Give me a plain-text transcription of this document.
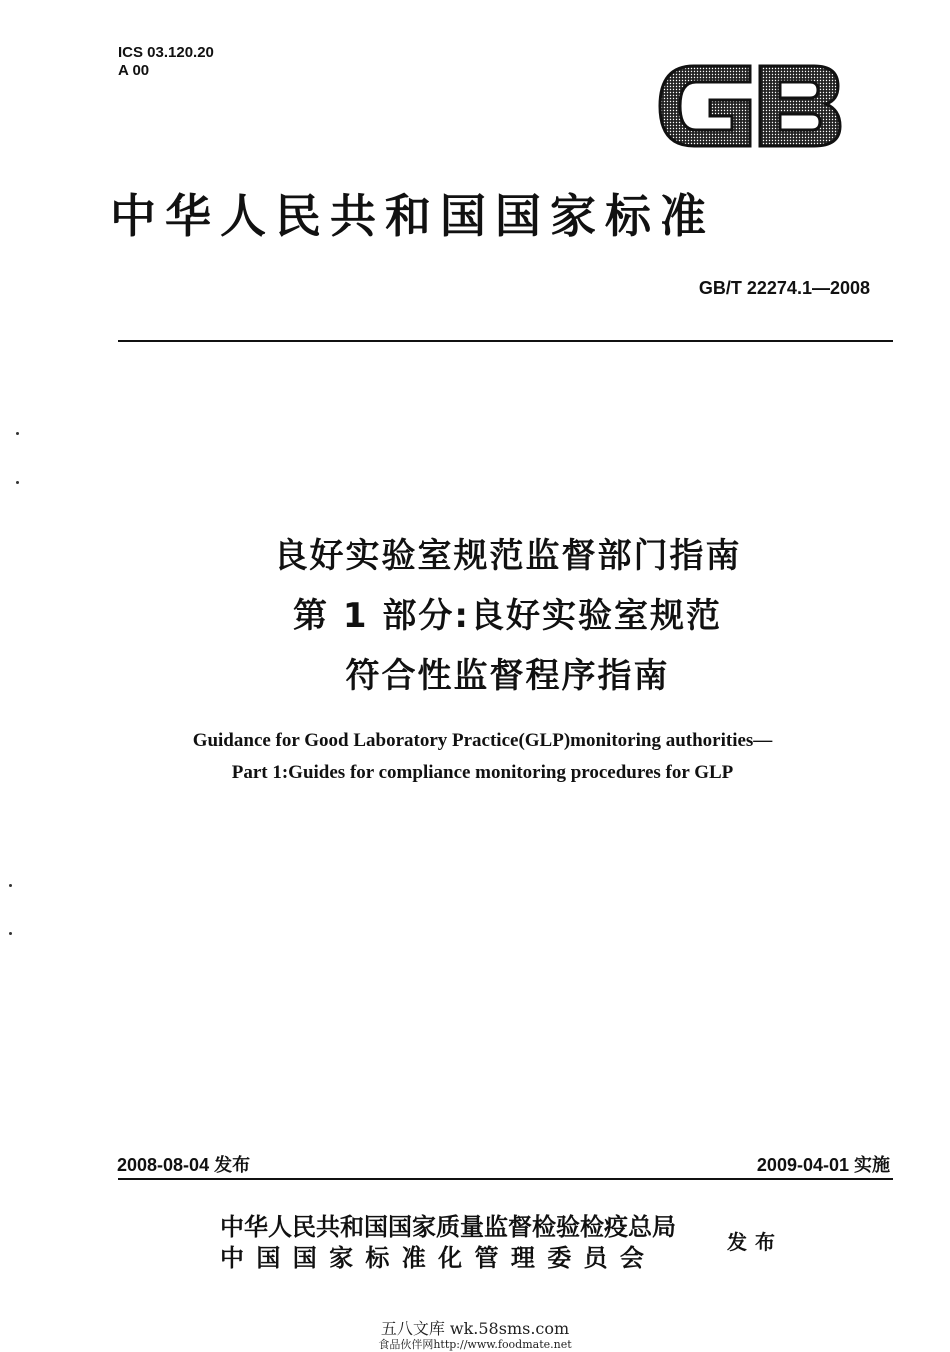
ICS 03.120.20
A 00
中华人民共和国国家标准
GB/T 22274.1—2008
良好实验室规范监督部门指南
第 1 部分:良好实验室规范
符合性监督程序指南
Guidance for Good Laboratory Practice(GLP)monitoring authorities—
Part 1:Guides for compliance monitoring procedures for GLP
2008-08-04 发布	2009-04-01 实施
中华人民共和国国家质量监督检验检疫总局
中 国 国 家 标 准 化 管 理 委 员 会
发布
五八文库 wk.58sms.com
食品伙伴网http://www.foodmate.net
